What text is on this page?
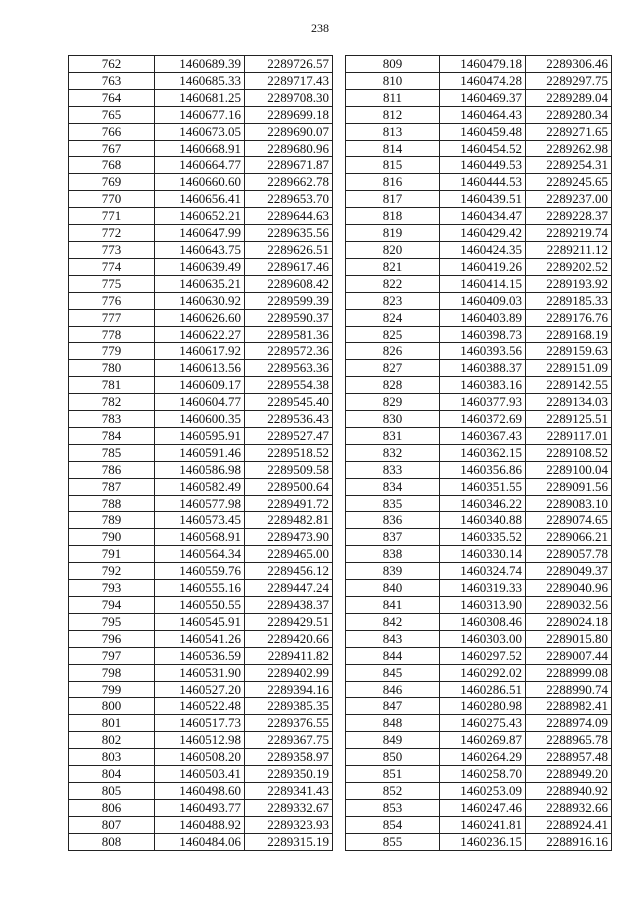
238
762	1460689.39	2289726.57
763	1460685.33	2289717.43
764	1460681.25	2289708.30
765	1460677.16	2289699.18
766	1460673.05	2289690.07
767	1460668.91	2289680.96
768	1460664.77	2289671.87
769	1460660.60	2289662.78
770	1460656.41	2289653.70
771	1460652.21	2289644.63
772	1460647.99	2289635.56
773	1460643.75	2289626.51
774	1460639.49	2289617.46
775	1460635.21	2289608.42
776	1460630.92	2289599.39
777	1460626.60	2289590.37
778	1460622.27	2289581.36
779	1460617.92	2289572.36
780	1460613.56	2289563.36
781	1460609.17	2289554.38
782	1460604.77	2289545.40
783	1460600.35	2289536.43
784	1460595.91	2289527.47
785	1460591.46	2289518.52
786	1460586.98	2289509.58
787	1460582.49	2289500.64
788	1460577.98	2289491.72
789	1460573.45	2289482.81
790	1460568.91	2289473.90
791	1460564.34	2289465.00
792	1460559.76	2289456.12
793	1460555.16	2289447.24
794	1460550.55	2289438.37
795	1460545.91	2289429.51
796	1460541.26	2289420.66
797	1460536.59	2289411.82
798	1460531.90	2289402.99
799	1460527.20	2289394.16
800	1460522.48	2289385.35
801	1460517.73	2289376.55
802	1460512.98	2289367.75
803	1460508.20	2289358.97
804	1460503.41	2289350.19
805	1460498.60	2289341.43
806	1460493.77	2289332.67
807	1460488.92	2289323.93
808	1460484.06	2289315.19
809	1460479.18	2289306.46
810	1460474.28	2289297.75
811	1460469.37	2289289.04
812	1460464.43	2289280.34
813	1460459.48	2289271.65
814	1460454.52	2289262.98
815	1460449.53	2289254.31
816	1460444.53	2289245.65
817	1460439.51	2289237.00
818	1460434.47	2289228.37
819	1460429.42	2289219.74
820	1460424.35	2289211.12
821	1460419.26	2289202.52
822	1460414.15	2289193.92
823	1460409.03	2289185.33
824	1460403.89	2289176.76
825	1460398.73	2289168.19
826	1460393.56	2289159.63
827	1460388.37	2289151.09
828	1460383.16	2289142.55
829	1460377.93	2289134.03
830	1460372.69	2289125.51
831	1460367.43	2289117.01
832	1460362.15	2289108.52
833	1460356.86	2289100.04
834	1460351.55	2289091.56
835	1460346.22	2289083.10
836	1460340.88	2289074.65
837	1460335.52	2289066.21
838	1460330.14	2289057.78
839	1460324.74	2289049.37
840	1460319.33	2289040.96
841	1460313.90	2289032.56
842	1460308.46	2289024.18
843	1460303.00	2289015.80
844	1460297.52	2289007.44
845	1460292.02	2288999.08
846	1460286.51	2288990.74
847	1460280.98	2288982.41
848	1460275.43	2288974.09
849	1460269.87	2288965.78
850	1460264.29	2288957.48
851	1460258.70	2288949.20
852	1460253.09	2288940.92
853	1460247.46	2288932.66
854	1460241.81	2288924.41
855	1460236.15	2288916.16
